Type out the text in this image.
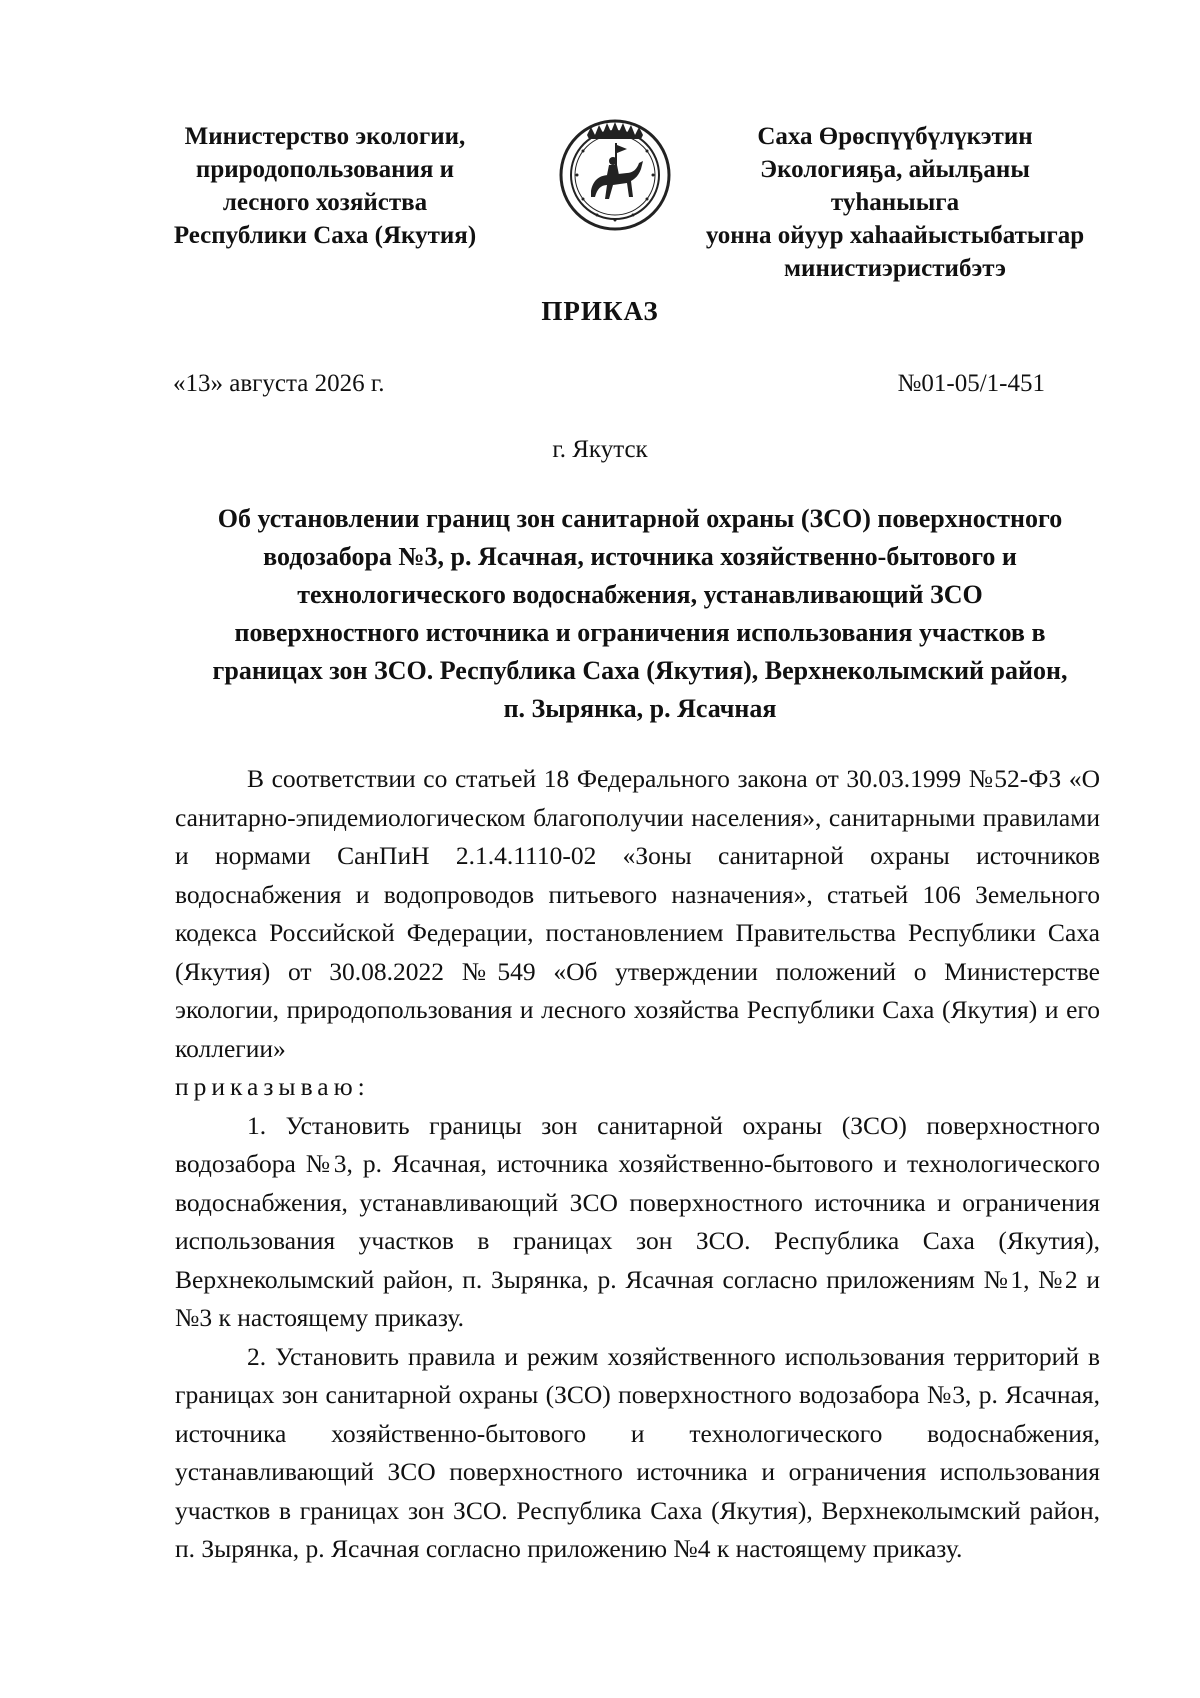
Министерство экологии,
природопользования и
лесного хозяйства
Республики Саха (Якутия)
Саха Өрөспүүбүлүкэтин
Экологияҕа, айылҕаны туһаныыга
уонна ойуур хаһаайыстыбатыгар
министиэристибэтэ
ПРИКАЗ
«13» августа 2026 г.	№01-05/1-451
г. Якутск
Об установлении границ зон санитарной охраны (ЗСО) поверхностного
водозабора №3, р. Ясачная, источника хозяйственно-бытового и
технологического водоснабжения, устанавливающий ЗСО
поверхностного источника и ограничения использования участков в
границах зон ЗСО. Республика Саха (Якутия), Верхнеколымский район,
п. Зырянка, р. Ясачная

В соответствии со статьей 18 Федерального закона от 30.03.1999 №52-ФЗ «О санитарно-эпидемиологическом благополучии населения», санитарными правилами и нормами СанПиН 2.1.4.1110-02 «Зоны санитарной охраны источников водоснабжения и водопроводов питьевого назначения», статьей 106 Земельного кодекса Российской Федерации, постановлением Правительства Республики Саха (Якутия) от 30.08.2022 №549 «Об утверждении положений о Министерстве экологии, природопользования и лесного хозяйства Республики Саха (Якутия) и его коллегии»

приказываю:

1. Установить границы зон санитарной охраны (ЗСО) поверхностного водозабора №3, р. Ясачная, источника хозяйственно-бытового и технологического водоснабжения, устанавливающий ЗСО поверхностного источника и ограничения использования участков в границах зон ЗСО. Республика Саха (Якутия), Верхнеколымский район, п. Зырянка, р. Ясачная согласно приложениям №1, №2 и №3 к настоящему приказу.

2. Установить правила и режим хозяйственного использования территорий в границах зон санитарной охраны (ЗСО) поверхностного водозабора №3, р. Ясачная, источника хозяйственно-бытового и технологического водоснабжения, устанавливающий ЗСО поверхностного источника и ограничения использования участков в границах зон ЗСО. Республика Саха (Якутия), Верхнеколымский район, п. Зырянка, р. Ясачная согласно приложению №4 к настоящему приказу.
